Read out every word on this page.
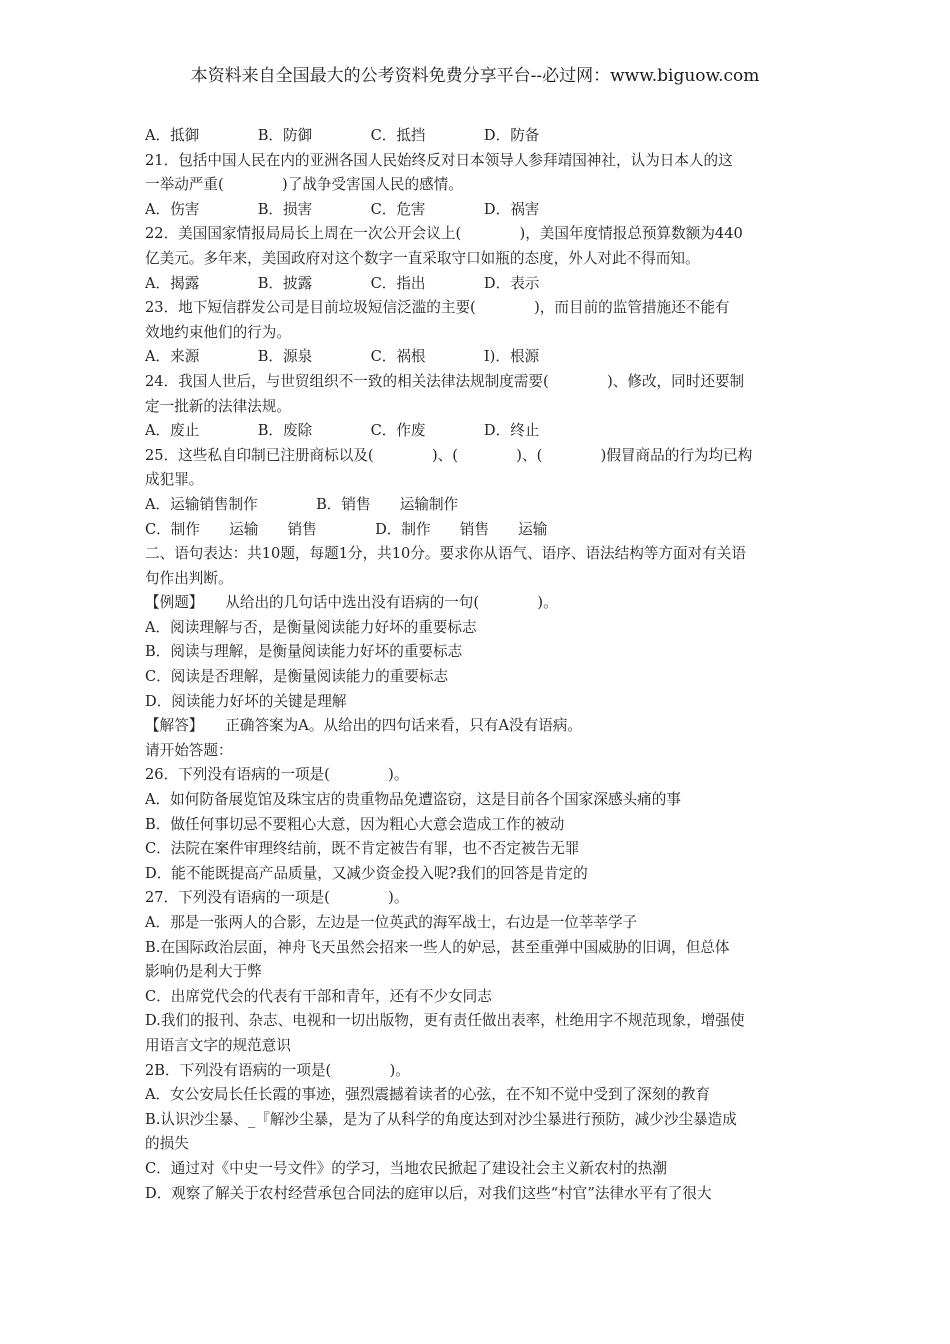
本资料来自全国最大的公考资料免费分享平台--必过网：www.biguow.com
A．抵御　　　　B．防御　　　　C．抵挡　　　　D．防备
21．包括中国人民在内的亚洲各国人民始终反对日本领导人参拜靖国神社，认为日本人的这
一举动严重(　　　　)了战争受害国人民的感情。
A．伤害　　　　B．损害　　　　C．危害　　　　D．祸害
22．美国国家情报局局长上周在一次公开会议上(　　　　)，美国年度情报总预算数额为440
亿美元。多年来，美国政府对这个数字一直采取守口如瓶的态度，外人对此不得而知。
A．揭露　　　　B．披露　　　　C．指出　　　　D．表示
23．地下短信群发公司是目前垃圾短信泛滥的主要(　　　　)，而目前的监管措施还不能有
效地约束他们的行为。
A．来源　　　　B．源泉　　　　C．祸根　　　　I)．根源
24．我国人世后，与世贸组织不一致的相关法律法规制度需要(　　　　)、修改，同时还要制
定一批新的法律法规。
A．废止　　　　B．废除　　　　C．作废　　　　D．终止
25．这些私自印制已注册商标以及(　　　　)、(　　　　)、(　　　　)假冒商品的行为均已构
成犯罪。
A．运输销售制作　　　　B．销售　　运输制作
C．制作　　运输　　销售　　　　D．制作　　销售　　运输
二、语句表达：共10题，每题1分，共10分。要求你从语气、语序、语法结构等方面对有关语
句作出判断。
【例题】　　从给出的几句话中选出没有语病的一句(　　　　)。
A．阅读理解与否，是衡量阅读能力好坏的重要标志
B．阅读与理解，是衡量阅读能力好坏的重要标志
C．阅读是否理解，是衡量阅读能力的重要标志
D．阅读能力好坏的关键是理解
【解答】　　正确答案为A。从给出的四句话来看，只有A没有语病。
请开始答题：
26．下列没有语病的一项是(　　　　)。
A．如何防备展览馆及珠宝店的贵重物品免遭盗窃，这是目前各个国家深感头痛的事
B．做任何事切忌不要粗心大意，因为粗心大意会造成工作的被动
C．法院在案件审理终结前，既不肯定被告有罪，也不否定被告无罪
D．能不能既提高产品质量，又减少资金投入呢?我们的回答是肯定的
27．下列没有语病的一项是(　　　　)。
A．那是一张两人的合影，左边是一位英武的海军战士，右边是一位莘莘学子
B.在国际政治层面，神舟飞天虽然会招来一些人的妒忌，甚至重弹中国威胁的旧调，但总体
影响仍是利大于弊
C．出席党代会的代表有干部和青年，还有不少女同志
D.我们的报刊、杂志、电视和一切出版物，更有责任做出表率，杜绝用字不规范现象，增强使
用语言文字的规范意识
2B．下列没有语病的一项是(　　　　)。
A．女公安局长任长霞的事迹，强烈震撼着读者的心弦，在不知不觉中受到了深刻的教育
B.认识沙尘暴、_『解沙尘暴，是为了从科学的角度达到对沙尘暴进行预防，减少沙尘暴造成
的损失
C．通过对《中史一号文件》的学习，当地农民掀起了建设社会主义新农村的热潮
D．观察了解关于农村经营承包合同法的庭审以后，对我们这些“村官”法律水平有了很大
